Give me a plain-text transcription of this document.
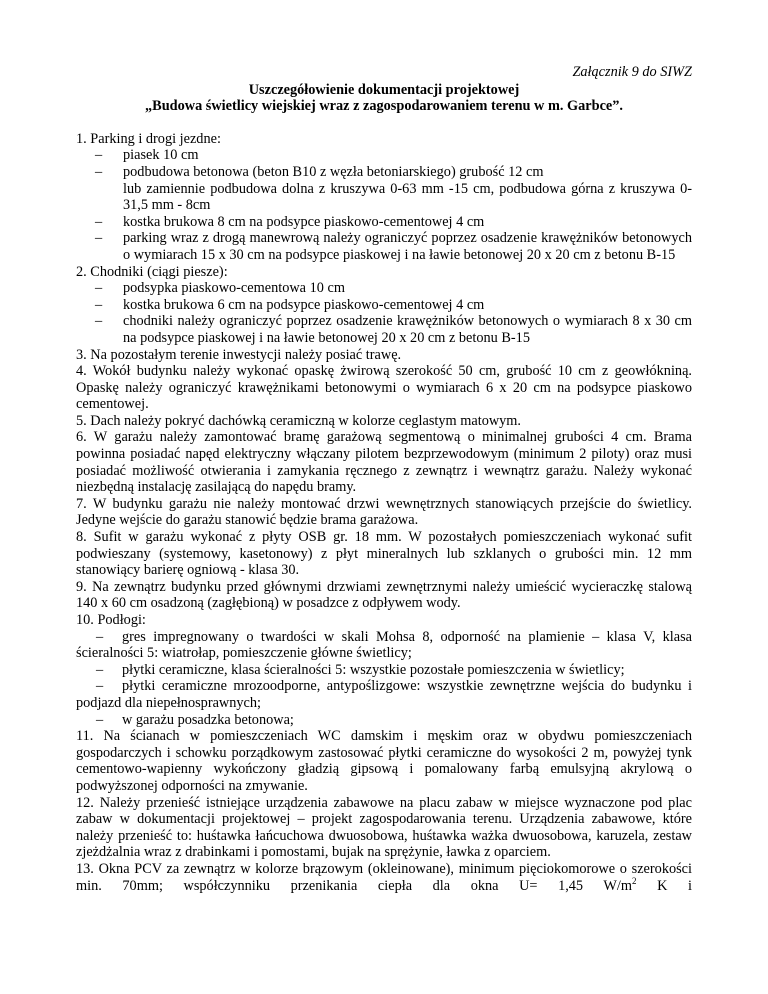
Załącznik 9 do SIWZ

Uszczegółowienie dokumentacji projektowej

„Budowa świetlicy wiejskiej wraz z zagospodarowaniem terenu w m. Garbce”.

1. Parking i drogi jezdne:

– piasek 10 cm
– podbudowa betonowa (beton B10 z węzła betoniarskiego) grubość 12 cm
lub zamiennie podbudowa dolna z kruszywa 0-63 mm -15 cm, podbudowa górna z kruszywa 0-31,5 mm - 8cm
– kostka brukowa 8 cm na podsypce piaskowo-cementowej 4 cm
– parking wraz z drogą manewrową należy ograniczyć poprzez osadzenie krawężników betonowych o wymiarach 15 x 30 cm na podsypce piaskowej i na ławie betonowej 20 x 20 cm z betonu B-15

2. Chodniki (ciągi piesze):

– podsypka piaskowo-cementowa 10 cm
– kostka brukowa 6 cm na podsypce piaskowo-cementowej 4 cm
– chodniki należy ograniczyć poprzez osadzenie krawężników betonowych o wymiarach 8 x 30 cm na podsypce piaskowej i na ławie betonowej 20 x 20 cm z betonu B-15

3. Na pozostałym terenie inwestycji należy posiać trawę.

4. Wokół budynku należy wykonać opaskę żwirową szerokość 50 cm, grubość 10 cm z geowłókniną. Opaskę należy ograniczyć krawężnikami betonowymi o wymiarach 6 x 20 cm na podsypce piaskowo cementowej.

5. Dach należy pokryć dachówką ceramiczną w kolorze ceglastym matowym.

6. W garażu należy zamontować bramę garażową segmentową o minimalnej grubości 4 cm. Brama powinna posiadać napęd elektryczny włączany pilotem bezprzewodowym (minimum 2 piloty) oraz musi posiadać możliwość otwierania i zamykania ręcznego z zewnątrz i wewnątrz garażu. Należy wykonać niezbędną instalację zasilającą do napędu bramy.

7. W budynku garażu nie należy montować drzwi wewnętrznych stanowiących przejście do świetlicy. Jedyne wejście do garażu stanowić będzie brama garażowa.

8. Sufit w garażu wykonać z płyty OSB gr. 18 mm. W pozostałych pomieszczeniach wykonać sufit podwieszany (systemowy, kasetonowy) z płyt mineralnych lub szklanych o grubości min. 12 mm stanowiący barierę ogniową - klasa 30.

9. Na zewnątrz budynku przed głównymi drzwiami zewnętrznymi należy umieścić wycieraczkę stalową 140 x 60 cm osadzoną (zagłębioną) w posadzce z odpływem wody.

10. Podłogi:

– gres impregnowany o twardości w skali Mohsa 8, odporność na plamienie – klasa V, klasa ścieralności 5: wiatrołap, pomieszczenie główne świetlicy;
– płytki ceramiczne, klasa ścieralności 5: wszystkie pozostałe pomieszczenia w świetlicy;
– płytki ceramiczne mrozoodporne, antypoślizgowe: wszystkie zewnętrzne wejścia do budynku i podjazd dla niepełnosprawnych;
– w garażu posadzka betonowa;

11. Na ścianach w pomieszczeniach WC damskim i męskim oraz w obydwu pomieszczeniach gospodarczych i schowku porządkowym zastosować płytki ceramiczne do wysokości 2 m, powyżej tynk cementowo-wapienny wykończony gładzią gipsową i pomalowany farbą emulsyjną akrylową o podwyższonej odporności na zmywanie.

12. Należy przenieść istniejące urządzenia zabawowe na placu zabaw w miejsce wyznaczone pod plac zabaw w dokumentacji projektowej – projekt zagospodarowania terenu. Urządzenia zabawowe, które należy przenieść to: huśtawka łańcuchowa dwuosobowa, huśtawka ważka dwuosobowa, karuzela, zestaw zjeżdżalnia wraz z drabinkami i pomostami, bujak na sprężynie, ławka z oparciem.

13. Okna PCV za zewnątrz w kolorze brązowym (okleinowane), minimum pięciokomorowe o szerokości min. 70mm; współczynniku przenikania ciepła dla okna U= 1,45 $W/m^2$ K i
